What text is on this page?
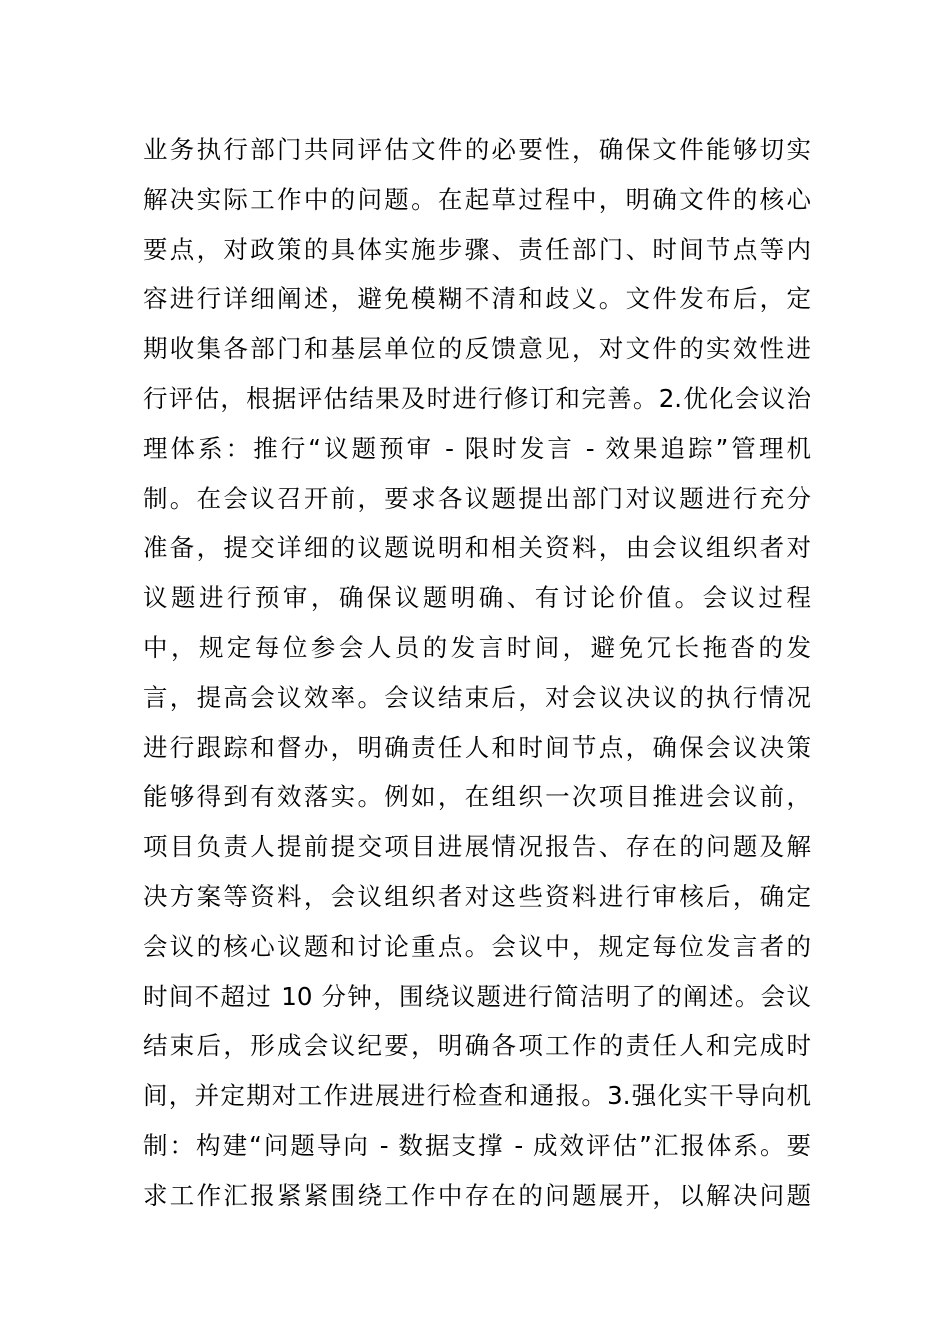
业务执行部门共同评估文件的必要性，确保文件能够切实
解决实际工作中的问题。在起草过程中，明确文件的核心
要点，对政策的具体实施步骤、责任部门、时间节点等内
容进行详细阐述，避免模糊不清和歧义。文件发布后，定
期收集各部门和基层单位的反馈意见，对文件的实效性进
行评估，根据评估结果及时进行修订和完善。2.优化会议治
理体系：推行“议题预审 - 限时发言 - 效果追踪”管理机
制。在会议召开前，要求各议题提出部门对议题进行充分
准备，提交详细的议题说明和相关资料，由会议组织者对
议题进行预审，确保议题明确、有讨论价值。会议过程
中，规定每位参会人员的发言时间，避免冗长拖沓的发
言，提高会议效率。会议结束后，对会议决议的执行情况
进行跟踪和督办，明确责任人和时间节点，确保会议决策
能够得到有效落实。例如，在组织一次项目推进会议前，
项目负责人提前提交项目进展情况报告、存在的问题及解
决方案等资料，会议组织者对这些资料进行审核后，确定
会议的核心议题和讨论重点。会议中，规定每位发言者的
时间不超过 10 分钟，围绕议题进行简洁明了的阐述。会议
结束后，形成会议纪要，明确各项工作的责任人和完成时
间，并定期对工作进展进行检查和通报。3.强化实干导向机
制：构建“问题导向 - 数据支撑 - 成效评估”汇报体系。要
求工作汇报紧紧围绕工作中存在的问题展开，以解决问题
